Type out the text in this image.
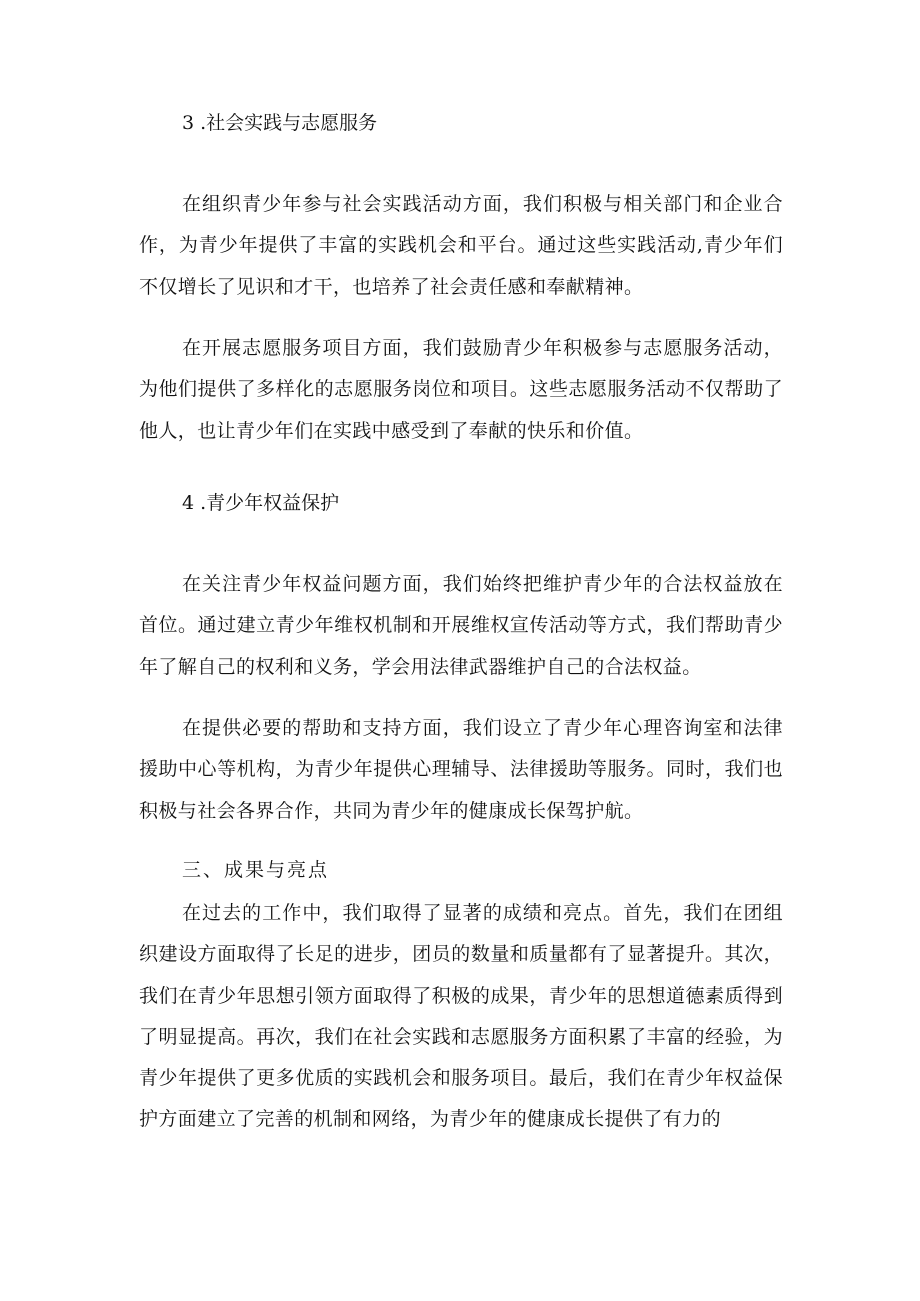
3 .社会实践与志愿服务

在组织青少年参与社会实践活动方面，我们积极与相关部门和企业合作，为青少年提供了丰富的实践机会和平台。通过这些实践活动,青少年们不仅增长了见识和才干，也培养了社会责任感和奉献精神。

在开展志愿服务项目方面，我们鼓励青少年积极参与志愿服务活动，为他们提供了多样化的志愿服务岗位和项目。这些志愿服务活动不仅帮助了他人，也让青少年们在实践中感受到了奉献的快乐和价值。

4 .青少年权益保护

在关注青少年权益问题方面，我们始终把维护青少年的合法权益放在首位。通过建立青少年维权机制和开展维权宣传活动等方式，我们帮助青少年了解自己的权利和义务，学会用法律武器维护自己的合法权益。

在提供必要的帮助和支持方面，我们设立了青少年心理咨询室和法律援助中心等机构，为青少年提供心理辅导、法律援助等服务。同时，我们也积极与社会各界合作，共同为青少年的健康成长保驾护航。

三、成果与亮点

在过去的工作中，我们取得了显著的成绩和亮点。首先，我们在团组织建设方面取得了长足的进步，团员的数量和质量都有了显著提升。其次，我们在青少年思想引领方面取得了积极的成果，青少年的思想道德素质得到了明显提高。再次，我们在社会实践和志愿服务方面积累了丰富的经验，为青少年提供了更多优质的实践机会和服务项目。最后，我们在青少年权益保护方面建立了完善的机制和网络，为青少年的健康成长提供了有力的
